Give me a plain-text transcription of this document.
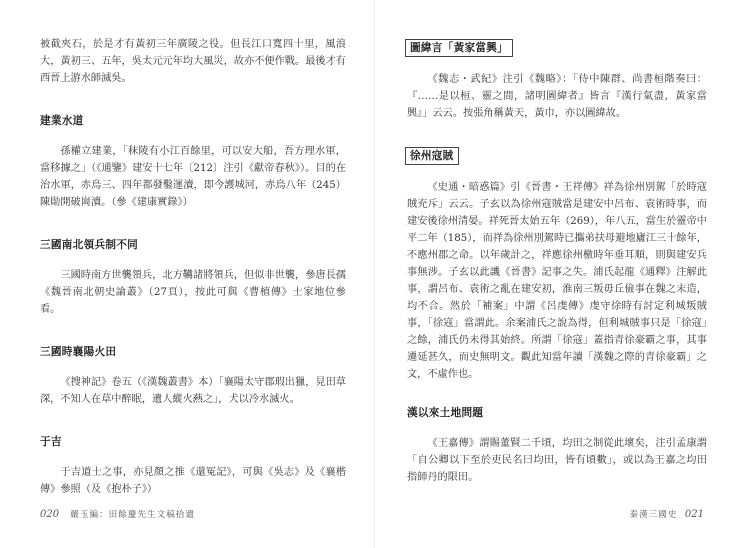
被截夾石，於是才有黃初三年廣陵之役。但長江口寬四十里，風浪大，黃初三、五年，吳太元元年均大風災，故亦不便作戰。最後才有西晉上游水師滅吳。

建業水道

孫權立建業，「秣陵有小江百餘里，可以安大船，吾方理水軍，當移據之」（《通鑒》建安十七年〔212〕注引《獻帝春秋》）。目的在治水軍，赤烏三、四年都發鑿運瀆，即今護城河，赤烏八年（245）陳勛開破崗瀆。（參《建康實錄》）

三國南北領兵制不同

三國時南方世襲領兵，北方韉諸將領兵，但似非世襲，參唐長孺《魏晉南北朝史論叢》（27頁），按此可與《曹植傳》士家地位參看。

三國時襄陽火田

《搜神記》卷五（《漢魏叢書》本）「襄陽太守郡瑕出獵，見田草深，不知人在草中醉眠，遺人縱火爇之」，犬以冷水滅火。

于吉

于吉道士之事，亦見顏之推《還冤記》，可與《吳志》及《襄楷傳》參照（及《抱朴子》）

020 嚴玉編：田餘慶先生文稿拾遺
圖緯言「黃家當興」

《魏志・武紀》注引《魏略》：「侍中陳群、尚書桓階奏曰：『……是以桓、靈之間，諸明圖緯者』皆言『漢行氣盡，黃家當興』」云云。按張角稱黃天，黃巾，亦以圖緯故。

徐州寇賊

《史通・暗惑篇》引《晉書・王祥傳》祥為徐州別駕「於時寇賊充斥」云云。子玄以為徐州寇賊當是建安中呂布、袁術時事，而建安後徐州清晏。祥死晉太始五年（269），年八五，當生於靈帝中平二年（185），而祥為徐州別駕時已攜弟扶母避地廬江三十餘年，不應州郡之命。以年歲計之，祥應徐州檄時年垂耳順，則與建安兵事無涉。子玄以此譏《晉書》記事之失。浦氏起龍《通釋》注解此事，謂呂布、袁術之亂在建安初，淮南三叛毋丘儉事在魏之末造，均不合。然於「補案」中謂《呂虔傳》虔守徐時有討定利城叛賊事，「徐寇」當謂此。余案浦氏之說為得，但利城賊事只是「徐寇」之餘，浦氏仍未得其始終。所謂「徐寇」蓋指青徐豪霸之事，其事遷延甚久，而史無明文。觀此知當年讀「漢魏之際的青徐豪霸」之文，不虛作也。

漢以來土地問題

《王嘉傳》謂賜董賢二千頃，均田之制從此壞矣，注引孟康謂「自公卿以下至於吏民名曰均田，皆有頃數」，或以為王嘉之均田指師丹的限田。

秦漢三國史 021
